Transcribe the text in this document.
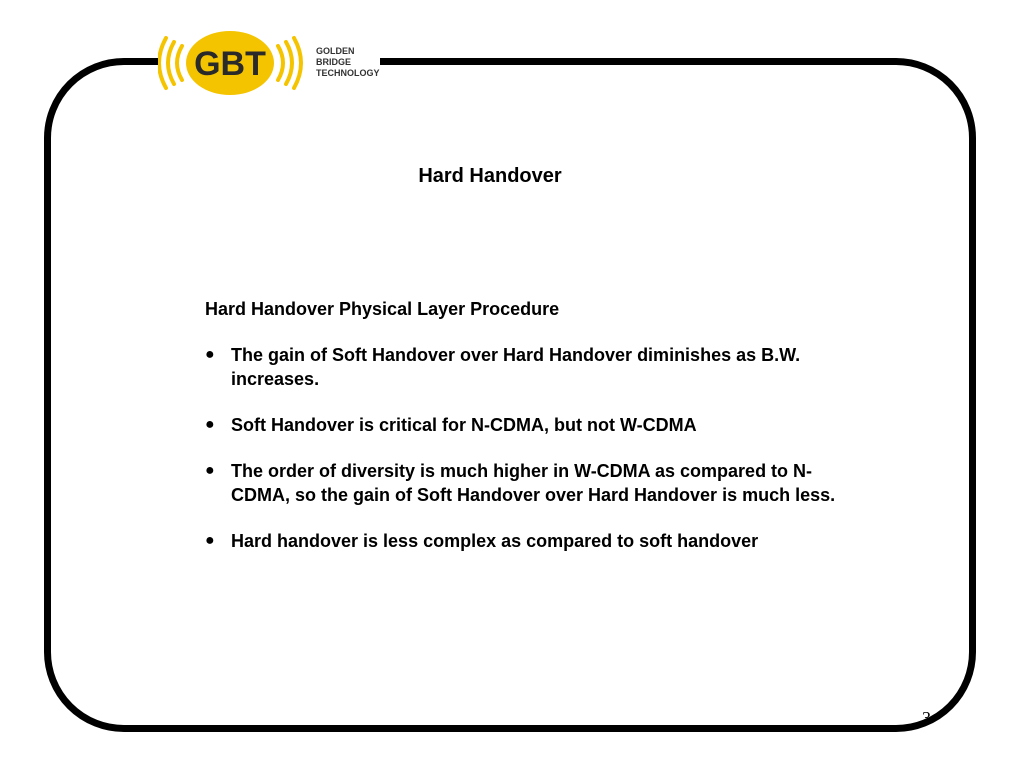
GBT	GOLDEN
BRIDGE
TECHNOLOGY
Hard Handover
Hard Handover Physical Layer Procedure
● The gain of Soft Handover over Hard Handover diminishes as B.W. increases.
● Soft Handover is critical for N-CDMA, but not W-CDMA
● The order of diversity is much higher in W-CDMA as compared to N-CDMA, so the gain of Soft Handover over Hard Handover is much less.
● Hard handover is less complex as compared to soft handover
3
